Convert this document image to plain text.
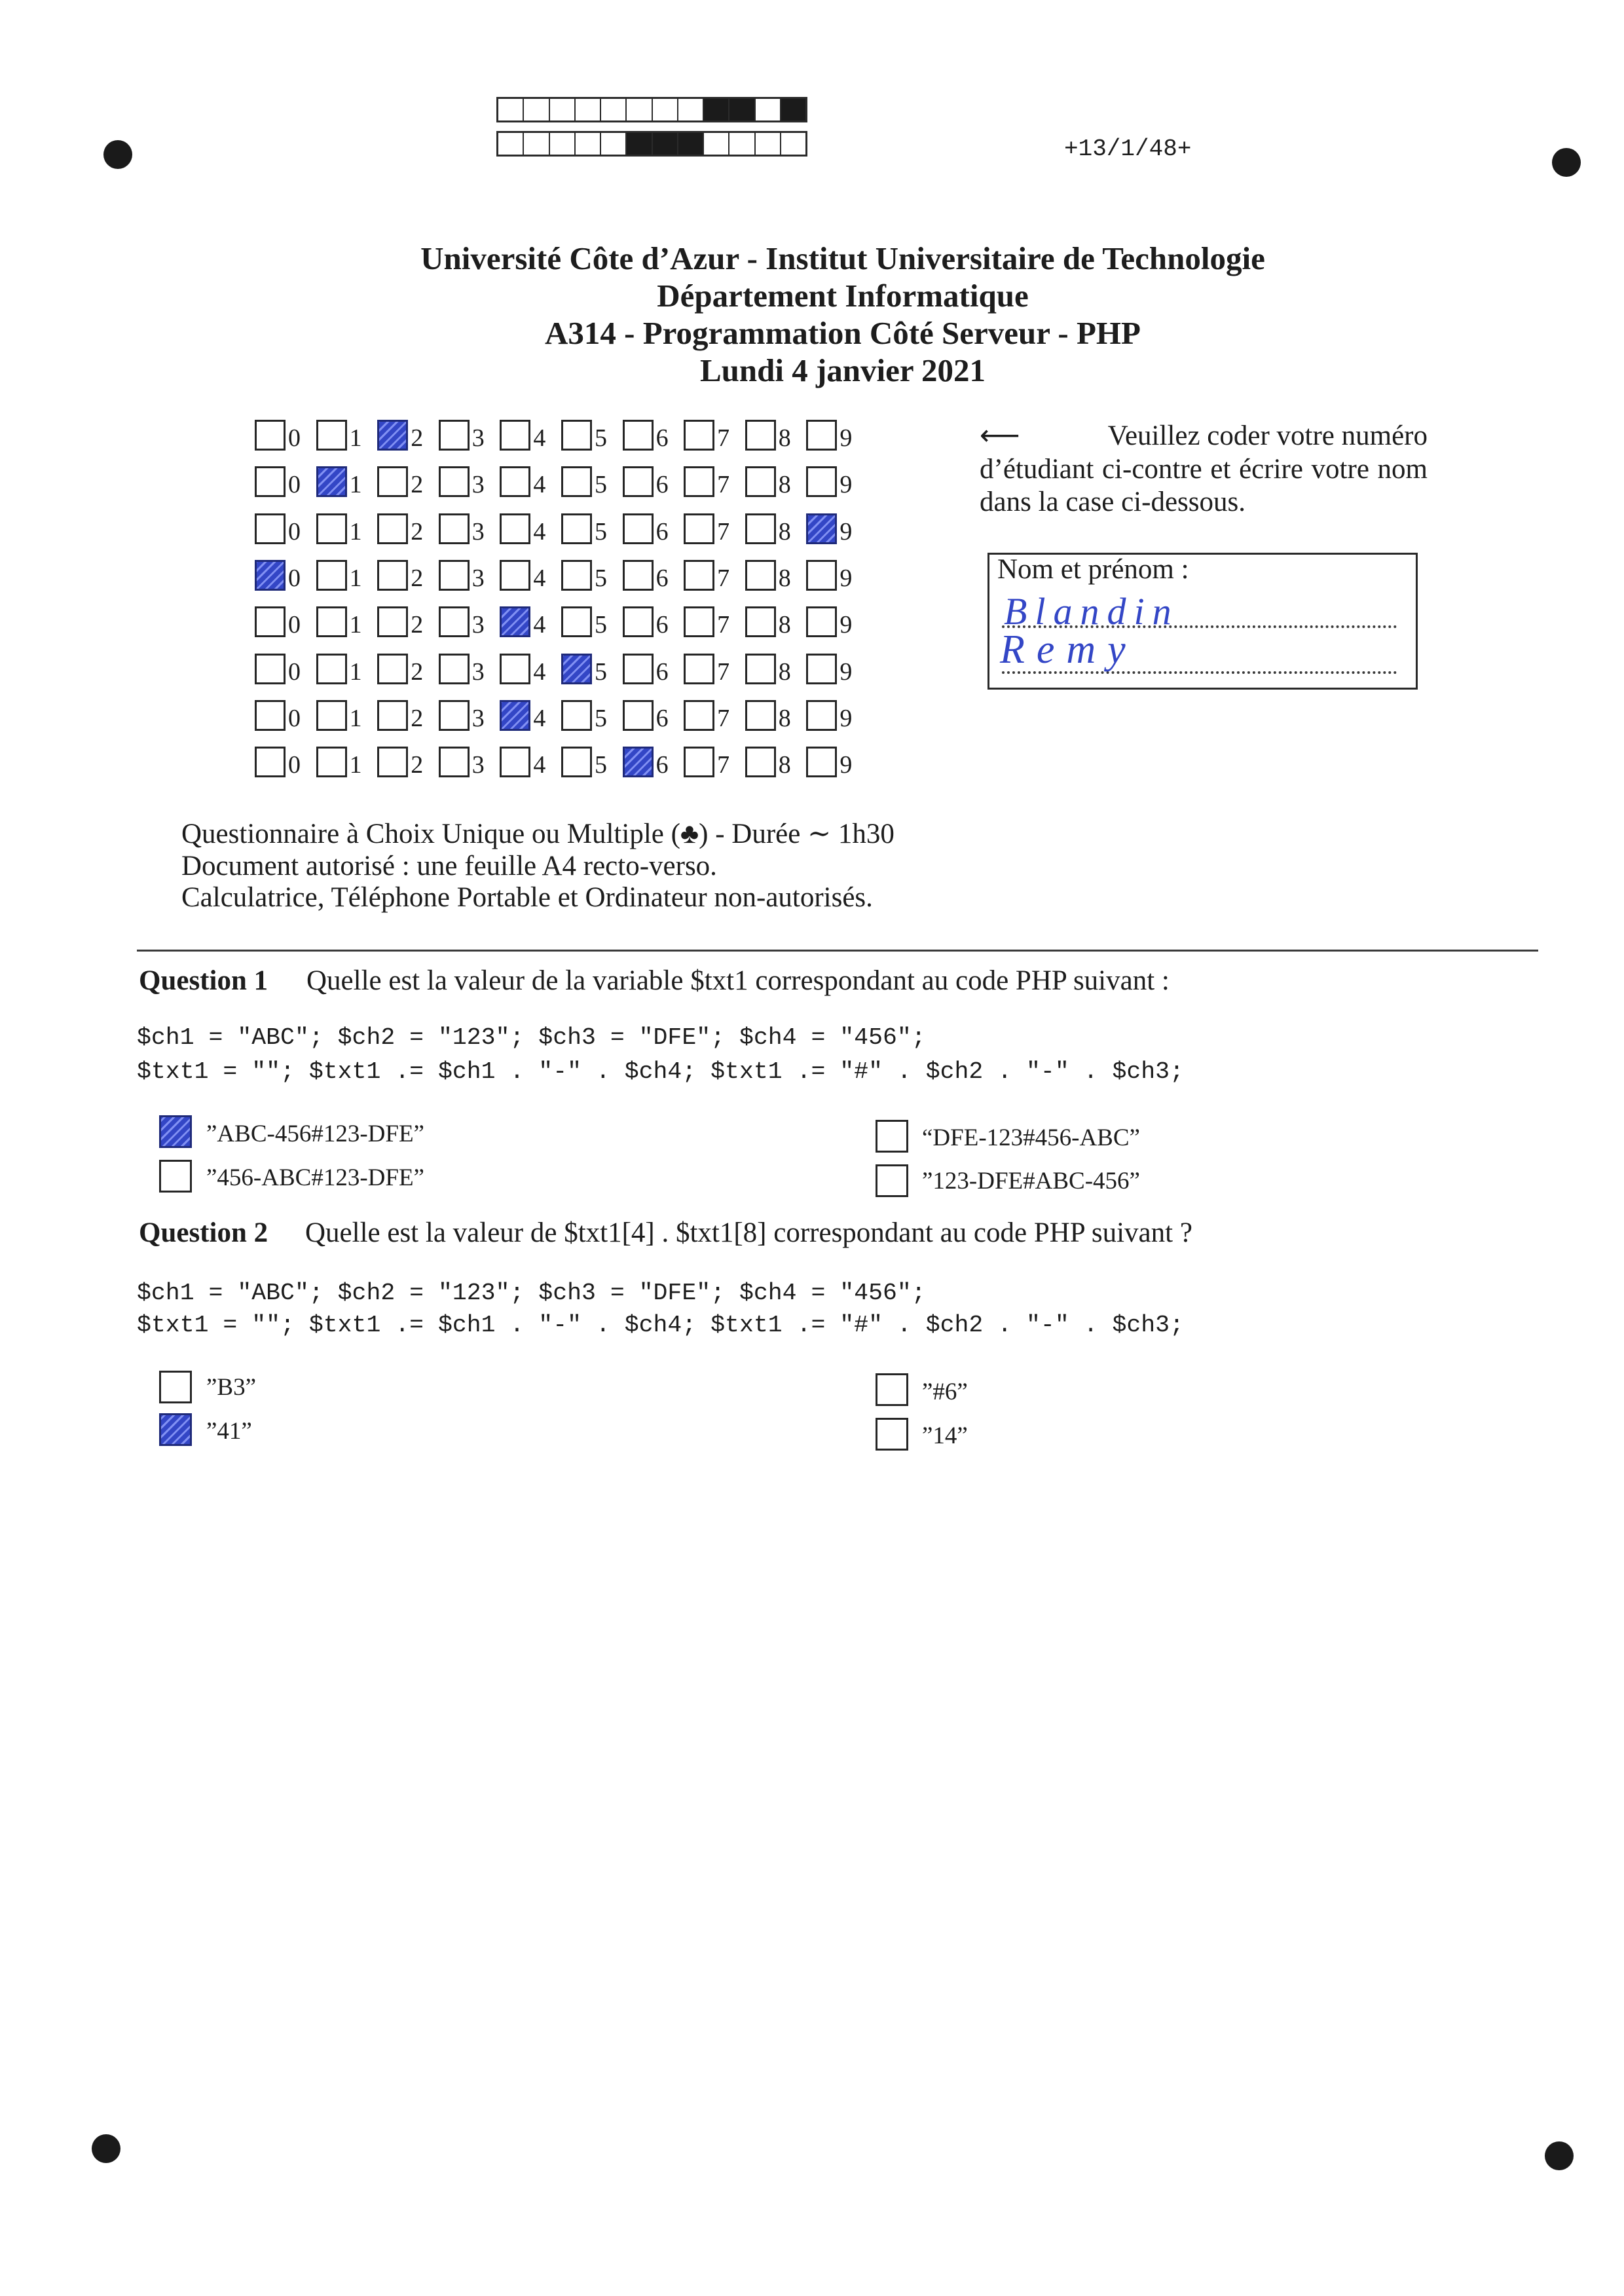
+13/1/48+
Université Côte d’Azur - Institut Universitaire de Technologie
Département Informatique
A314 - Programmation Côté Serveur - PHP
Lundi 4 janvier 2021
0 1 2 3 4 5 6 7 8 9
0 1 2 3 4 5 6 7 8 9
0 1 2 3 4 5 6 7 8 9
0 1 2 3 4 5 6 7 8 9
0 1 2 3 4 5 6 7 8 9
0 1 2 3 4 5 6 7 8 9
0 1 2 3 4 5 6 7 8 9
0 1 2 3 4 5 6 7 8 9
⟵	Veuillez coder votre numéro
d’étudiant ci-contre et écrire votre nom
dans la case ci-dessous.
Nom et prénom :
Blandin
Remy
Questionnaire à Choix Unique ou Multiple (♣) - Durée ∼ 1h30
Document autorisé : une feuille A4 recto-verso.
Calculatrice, Téléphone Portable et Ordinateur non-autorisés.
Question 1 Quelle est la valeur de la variable $txt1 correspondant au code PHP suivant :
$ch1 = "ABC"; $ch2 = "123"; $ch3 = "DFE"; $ch4 = "456";
$txt1 = ""; $txt1 .= $ch1 . "-" . $ch4; $txt1 .= "#" . $ch2 . "-" . $ch3;
”ABC-456#123-DFE”
”456-ABC#123-DFE”
“DFE-123#456-ABC”
”123-DFE#ABC-456”
Question 2 Quelle est la valeur de $txt1[4] . $txt1[8] correspondant au code PHP suivant ?
$ch1 = "ABC"; $ch2 = "123"; $ch3 = "DFE"; $ch4 = "456";
$txt1 = ""; $txt1 .= $ch1 . "-" . $ch4; $txt1 .= "#" . $ch2 . "-" . $ch3;
”B3”
”41”
”#6”
”14”
